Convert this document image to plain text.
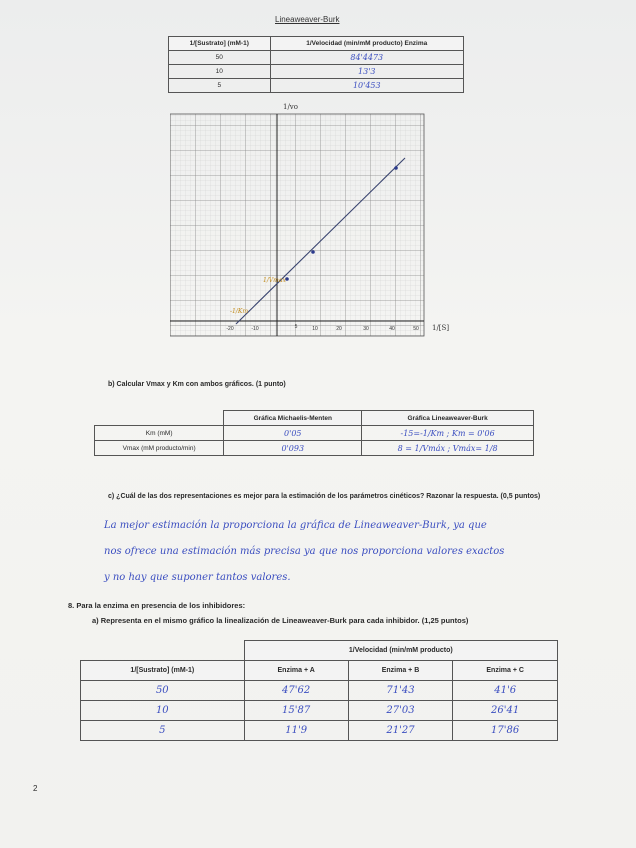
Lineaweaver-Burk
1/[Sustrato] (mM-1)	1/Velocidad (min/mM producto) Enzima
50	84'4473
10	13'3
5	10'453
1/vo
1/[S]
-20	-10	5	10	20	30	40	50
1/Vmax
-1/Km
b) Calcular Vmax y Km con ambos gráficos. (1 punto)
	Gráfica Michaelis-Menten	Gráfica Lineaweaver-Burk
Km (mM)	0'05	-15=-1/Km ; Km = 0'06
Vmax (mM producto/min)	0'093	8 = 1/Vmáx ; Vmáx= 1/8
c) ¿Cuál de las dos representaciones es mejor para la estimación de los parámetros cinéticos? Razonar la respuesta. (0,5 puntos)
La mejor estimación la proporciona la gráfica de Lineaweaver-Burk, ya que
nos ofrece una estimación más precisa ya que nos proporciona valores exactos
y no hay que suponer tantos valores.
8. Para la enzima en presencia de los inhibidores:
a) Representa en el mismo gráfico la linealización de Lineaweaver-Burk para cada inhibidor. (1,25 puntos)
	1/Velocidad (min/mM producto)		
1/[Sustrato] (mM-1)	Enzima + A	Enzima + B	Enzima + C
50	47'62	71'43	41'6
10	15'87	27'03	26'41
5	11'9	21'27	17'86
2
